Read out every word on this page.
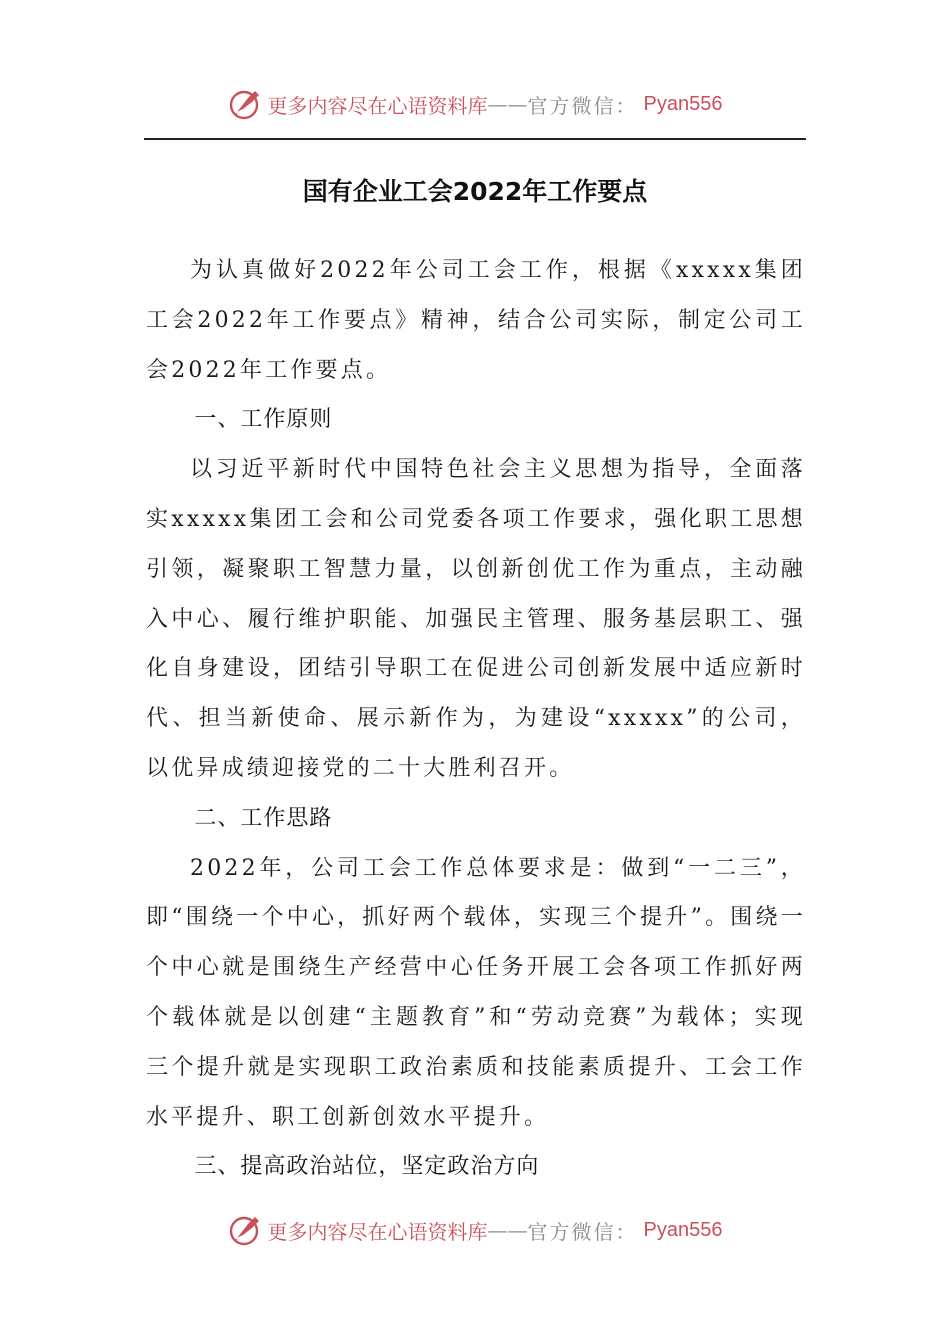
更多内容尽在心语资料库 —— 官方微信： Pyan556
国有企业工会2022年工作要点

为认真做好2022年公司工会工作，根据《xxxxx集团工会2022年工作要点》精神，结合公司实际，制定公司工会2022年工作要点。

一、工作原则

以习近平新时代中国特色社会主义思想为指导，全面落实xxxxx集团工会和公司党委各项工作要求，强化职工思想引领，凝聚职工智慧力量，以创新创优工作为重点，主动融入中心、履行维护职能、加强民主管理、服务基层职工、强化自身建设，团结引导职工在促进公司创新发展中适应新时代、担当新使命、展示新作为，为建设“xxxxx”的公司，以优异成绩迎接党的二十大胜利召开。

二、工作思路

2022年，公司工会工作总体要求是：做到“一二三”，即“围绕一个中心，抓好两个载体，实现三个提升”。围绕一个中心就是围绕生产经营中心任务开展工会各项工作抓好两个载体就是以创建“主题教育”和“劳动竞赛”为载体；实现三个提升就是实现职工政治素质和技能素质提升、工会工作水平提升、职工创新创效水平提升。

三、提高政治站位，坚定政治方向

更多内容尽在心语资料库 —— 官方微信： Pyan556
